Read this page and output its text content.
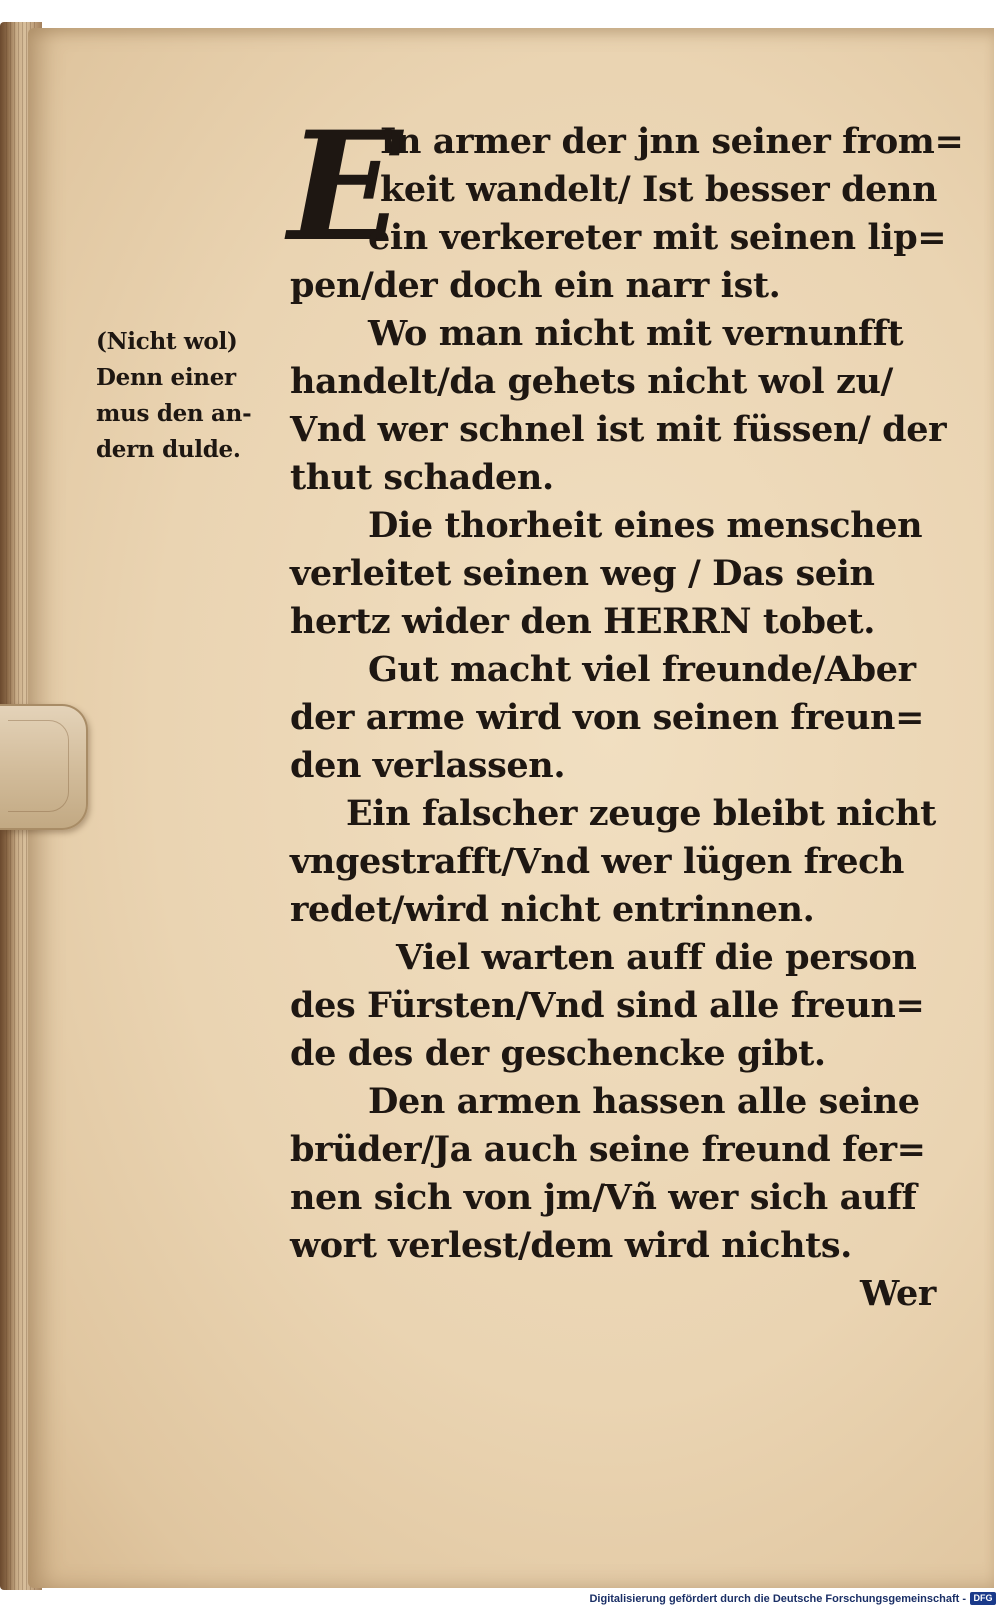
(Nicht wol)
Denn einer
mus den an-
dern dulde.
E
In armer der jnn seiner from=
keit wandelt/ Ist besser denn
ein verkereter mit seinen lip=
pen/der doch ein narr ist.
Wo man nicht mit vernunfft
handelt/da gehets nicht wol zu/
Vnd wer schnel ist mit füssen/ der
thut schaden.
Die thorheit eines menschen
verleitet seinen weg / Das sein
hertz wider den HERRN tobet.
Gut macht viel freunde/Aber
der arme wird von seinen freun=
den verlassen.
Ein falscher zeuge bleibt nicht
vngestrafft/Vnd wer lügen frech
redet/wird nicht entrinnen.
Viel warten auff die person
des Fürsten/Vnd sind alle freun=
de des der geschencke gibt.
Den armen hassen alle seine
brüder/Ja auch seine freund fer=
nen sich von jm/Vñ wer sich auff
wort verlest/dem wird nichts.
Wer
Digitalisierung gefördert durch die Deutsche Forschungsgemeinschaft - DFG
